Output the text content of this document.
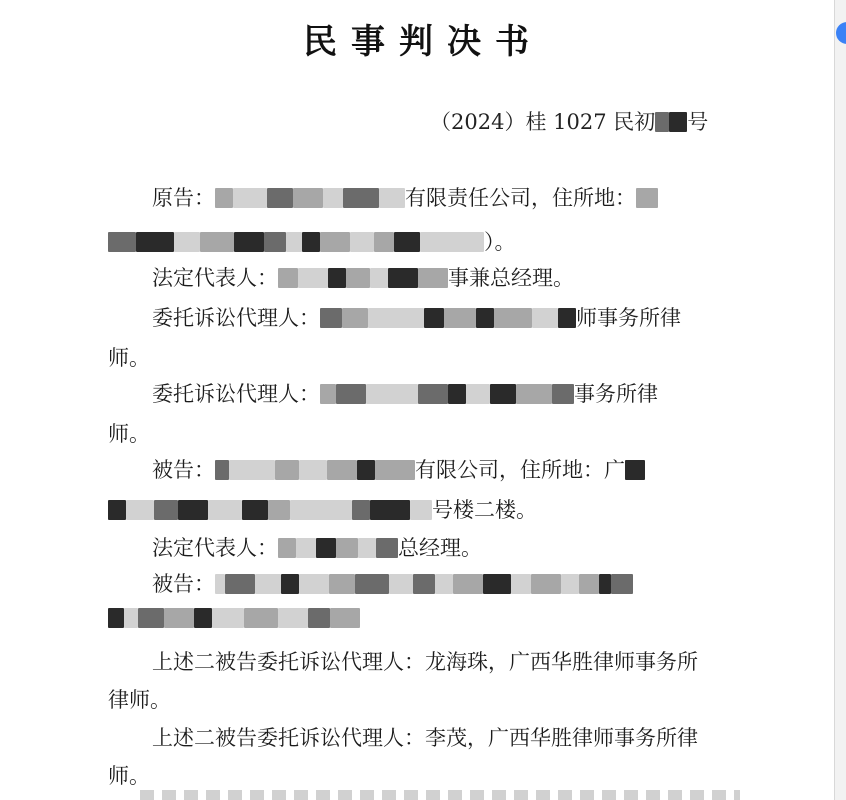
民事判决书
（2024）桂 1027 民初 号
原告：	有限责任公司，住所地：
）。
法定代表人：	事兼总经理。
委托诉讼代理人：	师事务所律
师。
委托诉讼代理人：	事务所律
师。
被告：	有限公司，住所地：广
号楼二楼。
法定代表人：	总经理。
被告：
上述二被告委托诉讼代理人：龙海珠，广西华胜律师事务所
律师。
上述二被告委托诉讼代理人：李茂，广西华胜律师事务所律
师。
